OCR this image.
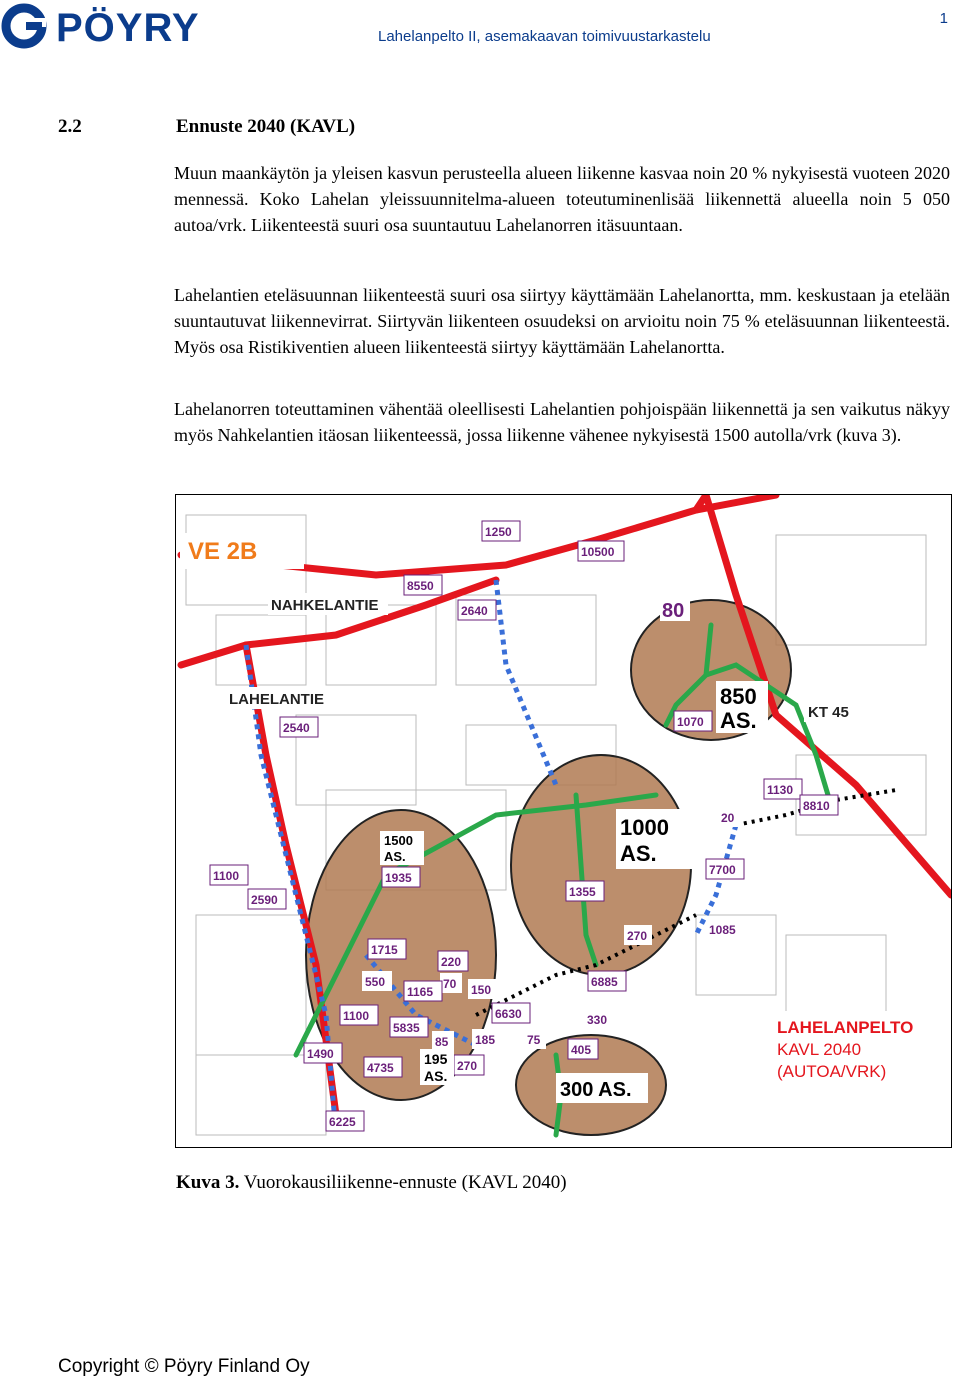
PÖYRY	Lahelanpelto II, asemakaavan toimivuustarkastelu
1
2.2	Ennuste 2040 (KAVL)

Muun maankäytön ja yleisen kasvun perusteella alueen liikenne kasvaa noin 20 % nykyisestä vuoteen 2020 mennessä. Koko Lahelan yleissuunnitelma-alueen toteutuminenlisää liikennettä alueella noin 5 050 autoa/vrk. Liikenteestä suuri osa suuntautuu Lahelanorren itäsuuntaan.

Lahelantien eteläsuunnan liikenteestä suuri osa siirtyy käyttämään Lahelanortta, mm. keskustaan ja etelään suuntautuvat liikennevirrat. Siirtyvän liikenteen osuudeksi on arvioitu noin 75 % eteläsuunnan liikenteestä. Myös osa Ristikiventien alueen liikenteestä siirtyy käyttämään Lahelanortta.

Lahelanorren toteuttaminen vähentää oleellisesti Lahelantien pohjoispään liikennettä ja sen vaikutus näkyy myös Nahkelantien itäosan liikenteessä, jossa liikenne vähenee nykyisestä 1500 autolla/vrk (kuva 3).

VE 2B
NAHKELANTIE
LAHELANTIE
KT 45
1250
10500
8550
2640	80
2540	1070
1130
8810
20
1100
2590
1935
1355
7700
270	1085
1715
220
550	70
1165	150
6885
1100
5835
6630	330
85 185	75
1490
4735	270
405
6225
1500
AS.
1000
AS.
850
AS.
300 AS.
195
AS.
LAHELANPELTO
KAVL 2040
(AUTOA/VRK)
Kuva 3. Vuorokausiliikenne-ennuste (KAVL 2040)
Copyright © Pöyry Finland Oy
